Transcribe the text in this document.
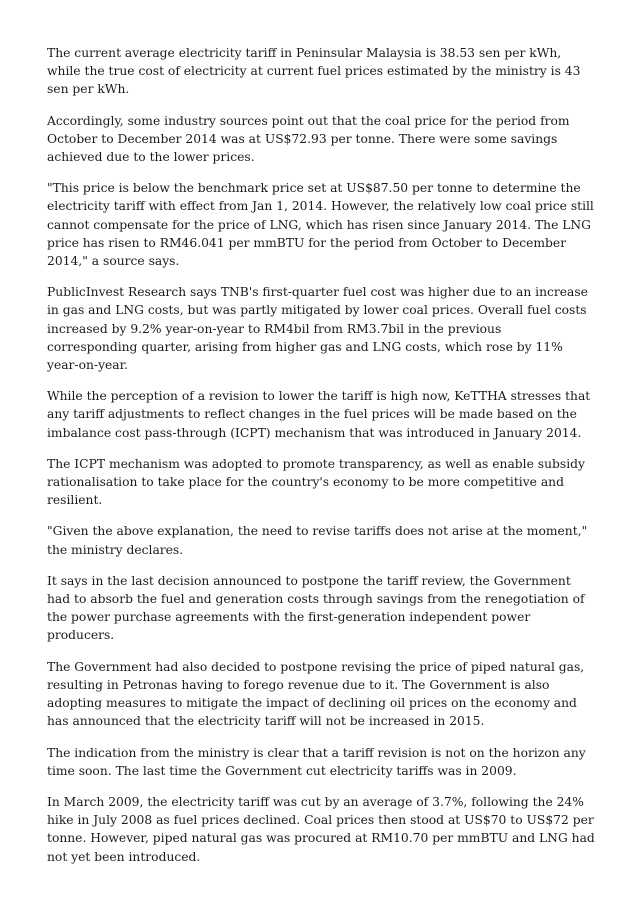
The current average electricity tariff in Peninsular Malaysia is 38.53 sen per kWh, while the true cost of electricity at current fuel prices estimated by the ministry is 43 sen per kWh.

Accordingly, some industry sources point out that the coal price for the period from October to December 2014 was at US$72.93 per tonne. There were some savings achieved due to the lower prices.

"This price is below the benchmark price set at US$87.50 per tonne to determine the electricity tariff with effect from Jan 1, 2014. However, the relatively low coal price still cannot compensate for the price of LNG, which has risen since January 2014. The LNG price has risen to RM46.041 per mmBTU for the period from October to December 2014," a source says.

PublicInvest Research says TNB's first-quarter fuel cost was higher due to an increase in gas and LNG costs, but was partly mitigated by lower coal prices. Overall fuel costs increased by 9.2% year-on-year to RM4bil from RM3.7bil in the previous corresponding quarter, arising from higher gas and LNG costs, which rose by 11% year-on-year.

While the perception of a revision to lower the tariff is high now, KeTTHA stresses that any tariff adjustments to reflect changes in the fuel prices will be made based on the imbalance cost pass-through (ICPT) mechanism that was introduced in January 2014.

The ICPT mechanism was adopted to promote transparency, as well as enable subsidy rationalisation to take place for the country's economy to be more competitive and resilient.

"Given the above explanation, the need to revise tariffs does not arise at the moment," the ministry declares.

It says in the last decision announced to postpone the tariff review, the Government had to absorb the fuel and generation costs through savings from the renegotiation of the power purchase agreements with the first-generation independent power producers.

The Government had also decided to postpone revising the price of piped natural gas, resulting in Petronas having to forego revenue due to it. The Government is also adopting measures to mitigate the impact of declining oil prices on the economy and has announced that the electricity tariff will not be increased in 2015.

The indication from the ministry is clear that a tariff revision is not on the horizon any time soon. The last time the Government cut electricity tariffs was in 2009.

In March 2009, the electricity tariff was cut by an average of 3.7%, following the 24% hike in July 2008 as fuel prices declined. Coal prices then stood at US$70 to US$72 per tonne. However, piped natural gas was procured at RM10.70 per mmBTU and LNG had not yet been introduced.
